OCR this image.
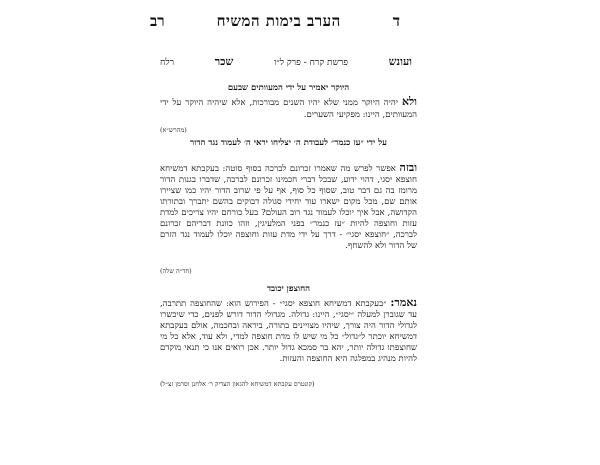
ד
הערב בימות המשיח
רב
ועונש
פרשת קרח - פרק ל״ו
שכר
רלח
היוקר יאמיר על ידי המעוותים שבעם
ולא יהיה היוקר ממני שלא יהיו השנים מבורכות, אלא שיהיה היוקר על ידי המעוותים, היינו: מפקיעי השערים.
(מהרש״א)
על ידי ״עז כנמר״ לעבודת ה׳ יצליחו יראי ה׳ לעמוד נגד הדור
ובזה אפשר לפרש מה שאמרו זכרונם לברכה בסוף סוטה: בעקבתא דמשיחא חוצפא יסגי, דהוי ידוע, שבכל דברי חכמינו זכרונם לברכה, שדברו בגנות הדור מרומז בה גם דבר טוב, שסוף כל סוף, אף על פי שרוב הדור יהיו כמו שציירו אותם שם, מכל מקום ישארו עוד יחידי סגולה דבוקים בהשם יתברך ובתורתו הקדושה, אבל איך יוכלו לעמוד נגד רוב העולם? בעל כורחם יהיו צריכים למדת עזות וחוצפה להיות ״עז כנמר״ בפני המלעיגין, וזהו כוונת דבריהם זכרונם לברכה, ״חוצפא יסגי״ - דרך על ידי מדת עזות וחוצפה יוכלו לעמוד נגד הזרם של הדור ולא להשחף.
(חד״ה שלה)
החוצפן יכובד
נאמר: ״בעקבתא דמשיחא חוצפא יסגי״ - הפירוש הוא: שהחוצפה תתרבה, עד שגוברן למעלה ״יסגי״, היינו: גדולה. מגדולי הדור דורש לפנים, כדי שיכשרו לגדולי הדור היה צורך, שיהיו מצויינים בתורה, ביראה ובחכמה, אולם בעקבתא דמשיחא יוכתר ל״גדול״ כל מי שיש לו מדת חוצפה למדי, ולא עוד, אלא כל מי שחוצפתו גדולה יותר, יהא בר סמכא גדול יותר. אכן רואים אנו כי תנאי מוקדם להיות מנהיג במפלגה היא החוצפה והעזות.
(קונטרס עקבתא דמשיחא להגאון הצדיק ר׳ אלחנן וסרמן זצ״ל)
